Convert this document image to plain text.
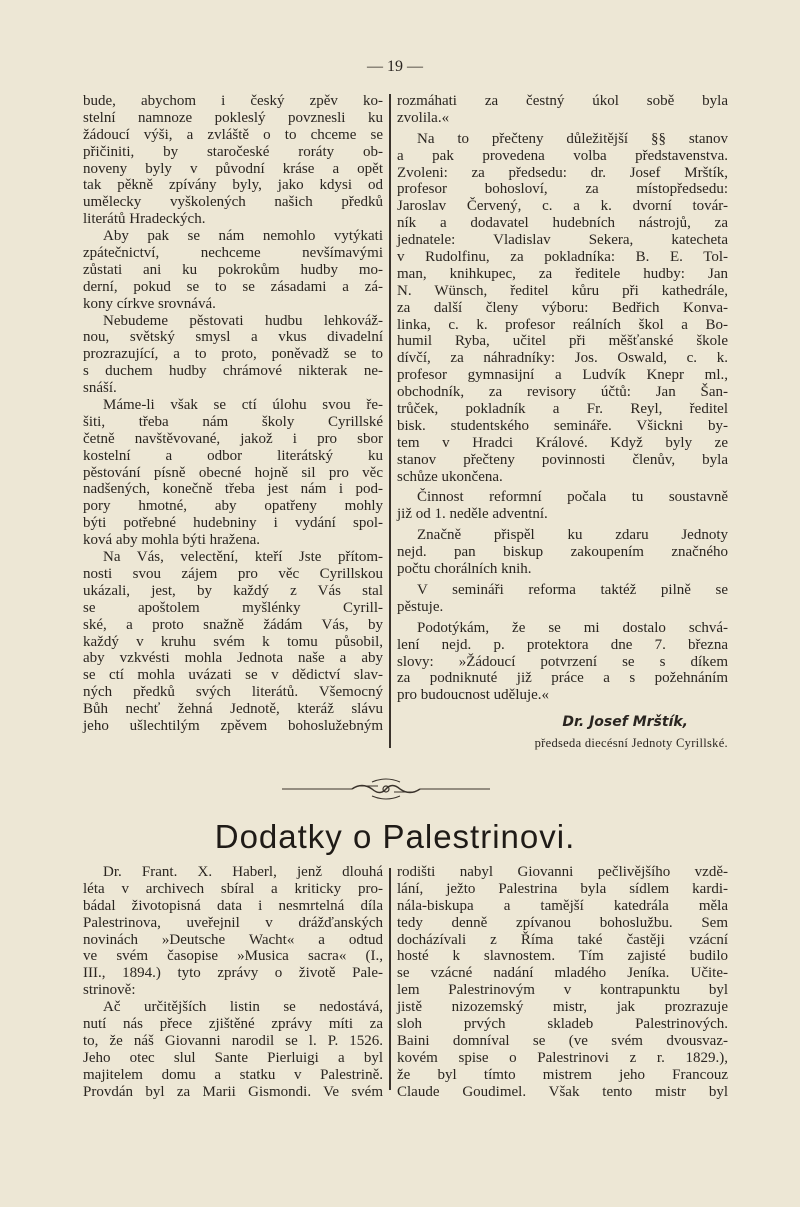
— 19 —
bude, abychom i český zpěv ko-
stelní namnoze pokleslý povznesli ku
žádoucí výši, a zvláště o to chceme se
přičiniti, by staročeské roráty ob-
noveny byly v původní kráse a opět
tak pěkně zpívány byly, jako kdysi od
umělecky vyškolených našich předků
literátů Hradeckých.
Aby pak se nám nemohlo vytýkati
zpátečnictví, nechceme nevšímavými
zůstati ani ku pokrokům hudby mo-
derní, pokud se to se zásadami a zá-
kony církve srovnává.
Nebudeme pěstovati hudbu lehkováž-
nou, světský smysl a vkus divadelní
prozrazující, a to proto, poněvadž se to
s duchem hudby chrámové nikterak ne-
snáší.
Máme-li však se ctí úlohu svou ře-
šiti, třeba nám školy Cyrillské
četně navštěvované, jakož i pro sbor
kostelní a odbor literátský ku
pěstování písně obecné hojně sil pro věc
nadšených, konečně třeba jest nám i pod-
pory hmotné, aby opatřeny mohly
býti potřebné hudebniny i vydání spol-
ková aby mohla býti hražena.
Na Vás, velectění, kteří Jste přítom-
nosti svou zájem pro věc Cyrillskou
ukázali, jest, by každý z Vás stal
se apoštolem myšlénky Cyrill-
ské, a proto snažně žádám Vás, by
každý v kruhu svém k tomu působil,
aby vzkvésti mohla Jednota naše a aby
se ctí mohla uvázati se v dědictví slav-
ných předků svých literátů. Všemocný
Bůh nechť žehná Jednotě, kteráž slávu
jeho ušlechtilým zpěvem bohoslužebným
rozmáhati za čestný úkol sobě byla
zvolila.«
Na to přečteny důležitější §§ stanov
a pak provedena volba představenstva.
Zvoleni: za předsedu: dr. Josef Mrštík,
profesor bohosloví, za místopředsedu:
Jaroslav Červený, c. a k. dvorní továr-
ník a dodavatel hudebních nástrojů, za
jednatele: Vladislav Sekera, katecheta
v Rudolfinu, za pokladníka: B. E. Tol-
man, knihkupec, za ředitele hudby: Jan
N. Wünsch, ředitel kůru při kathedrále,
za další členy výboru: Bedřich Konva-
linka, c. k. profesor reálních škol a Bo-
humil Ryba, učitel při měšťanské škole
dívčí, za náhradníky: Jos. Oswald, c. k.
profesor gymnasijní a Ludvík Knepr ml.,
obchodník, za revisory účtů: Jan Šan-
trůček, pokladník a Fr. Reyl, ředitel
bisk. studentského semináře. Všickni by-
tem v Hradci Králové. Když byly ze
stanov přečteny povinnosti členův, byla
schůze ukončena.
Činnost reformní počala tu soustavně
již od 1. neděle adventní.
Značně přispěl ku zdaru Jednoty
nejd. pan biskup zakoupením značného
počtu chorálních knih.
V semináři reforma taktéž pilně se
pěstuje.
Podotýkám, že se mi dostalo schvá-
lení nejd. p. protektora dne 7. března
slovy: »Žádoucí potvrzení se s díkem
za podniknuté již práce a s požehnáním
pro budoucnost uděluje.«
Dr. Josef Mrštík,
předseda diecésní Jednoty Cyrillské.
Dodatky o Palestrinovi.
Dr. Frant. X. Haberl, jenž dlouhá
léta v archivech sbíral a kriticky pro-
bádal životopisná data i nesmrtelná díla
Palestrinova, uveřejnil v drážďanských
novinách »Deutsche Wacht« a odtud
ve svém časopise »Musica sacra« (I.,
III., 1894.) tyto zprávy o životě Pale-
strinově:
Ač určitějších listin se nedostává,
nutí nás přece zjištěné zprávy míti za
to, že náš Giovanni narodil se l. P. 1526.
Jeho otec slul Sante Pierluigi a byl
majitelem domu a statku v Palestrině.
Provdán byl za Marii Gismondi. Ve svém
rodišti nabyl Giovanni pečlivějšího vzdě-
lání, ježto Palestrina byla sídlem kardi-
nála-biskupa a tamější katedrála měla
tedy denně zpívanou bohoslužbu. Sem
docházívali z Říma také častěji vzácní
hosté k slavnostem. Tím zajisté budilo
se vzácné nadání mladého Jeníka. Učite-
lem Palestrinovým v kontrapunktu byl
jistě nizozemský mistr, jak prozrazuje
sloh prvých skladeb Palestrinových.
Baini domníval se (ve svém dvousvaz-
kovém spise o Palestrinovi z r. 1829.),
že byl tímto mistrem jeho Francouz
Claude Goudimel. Však tento mistr byl
